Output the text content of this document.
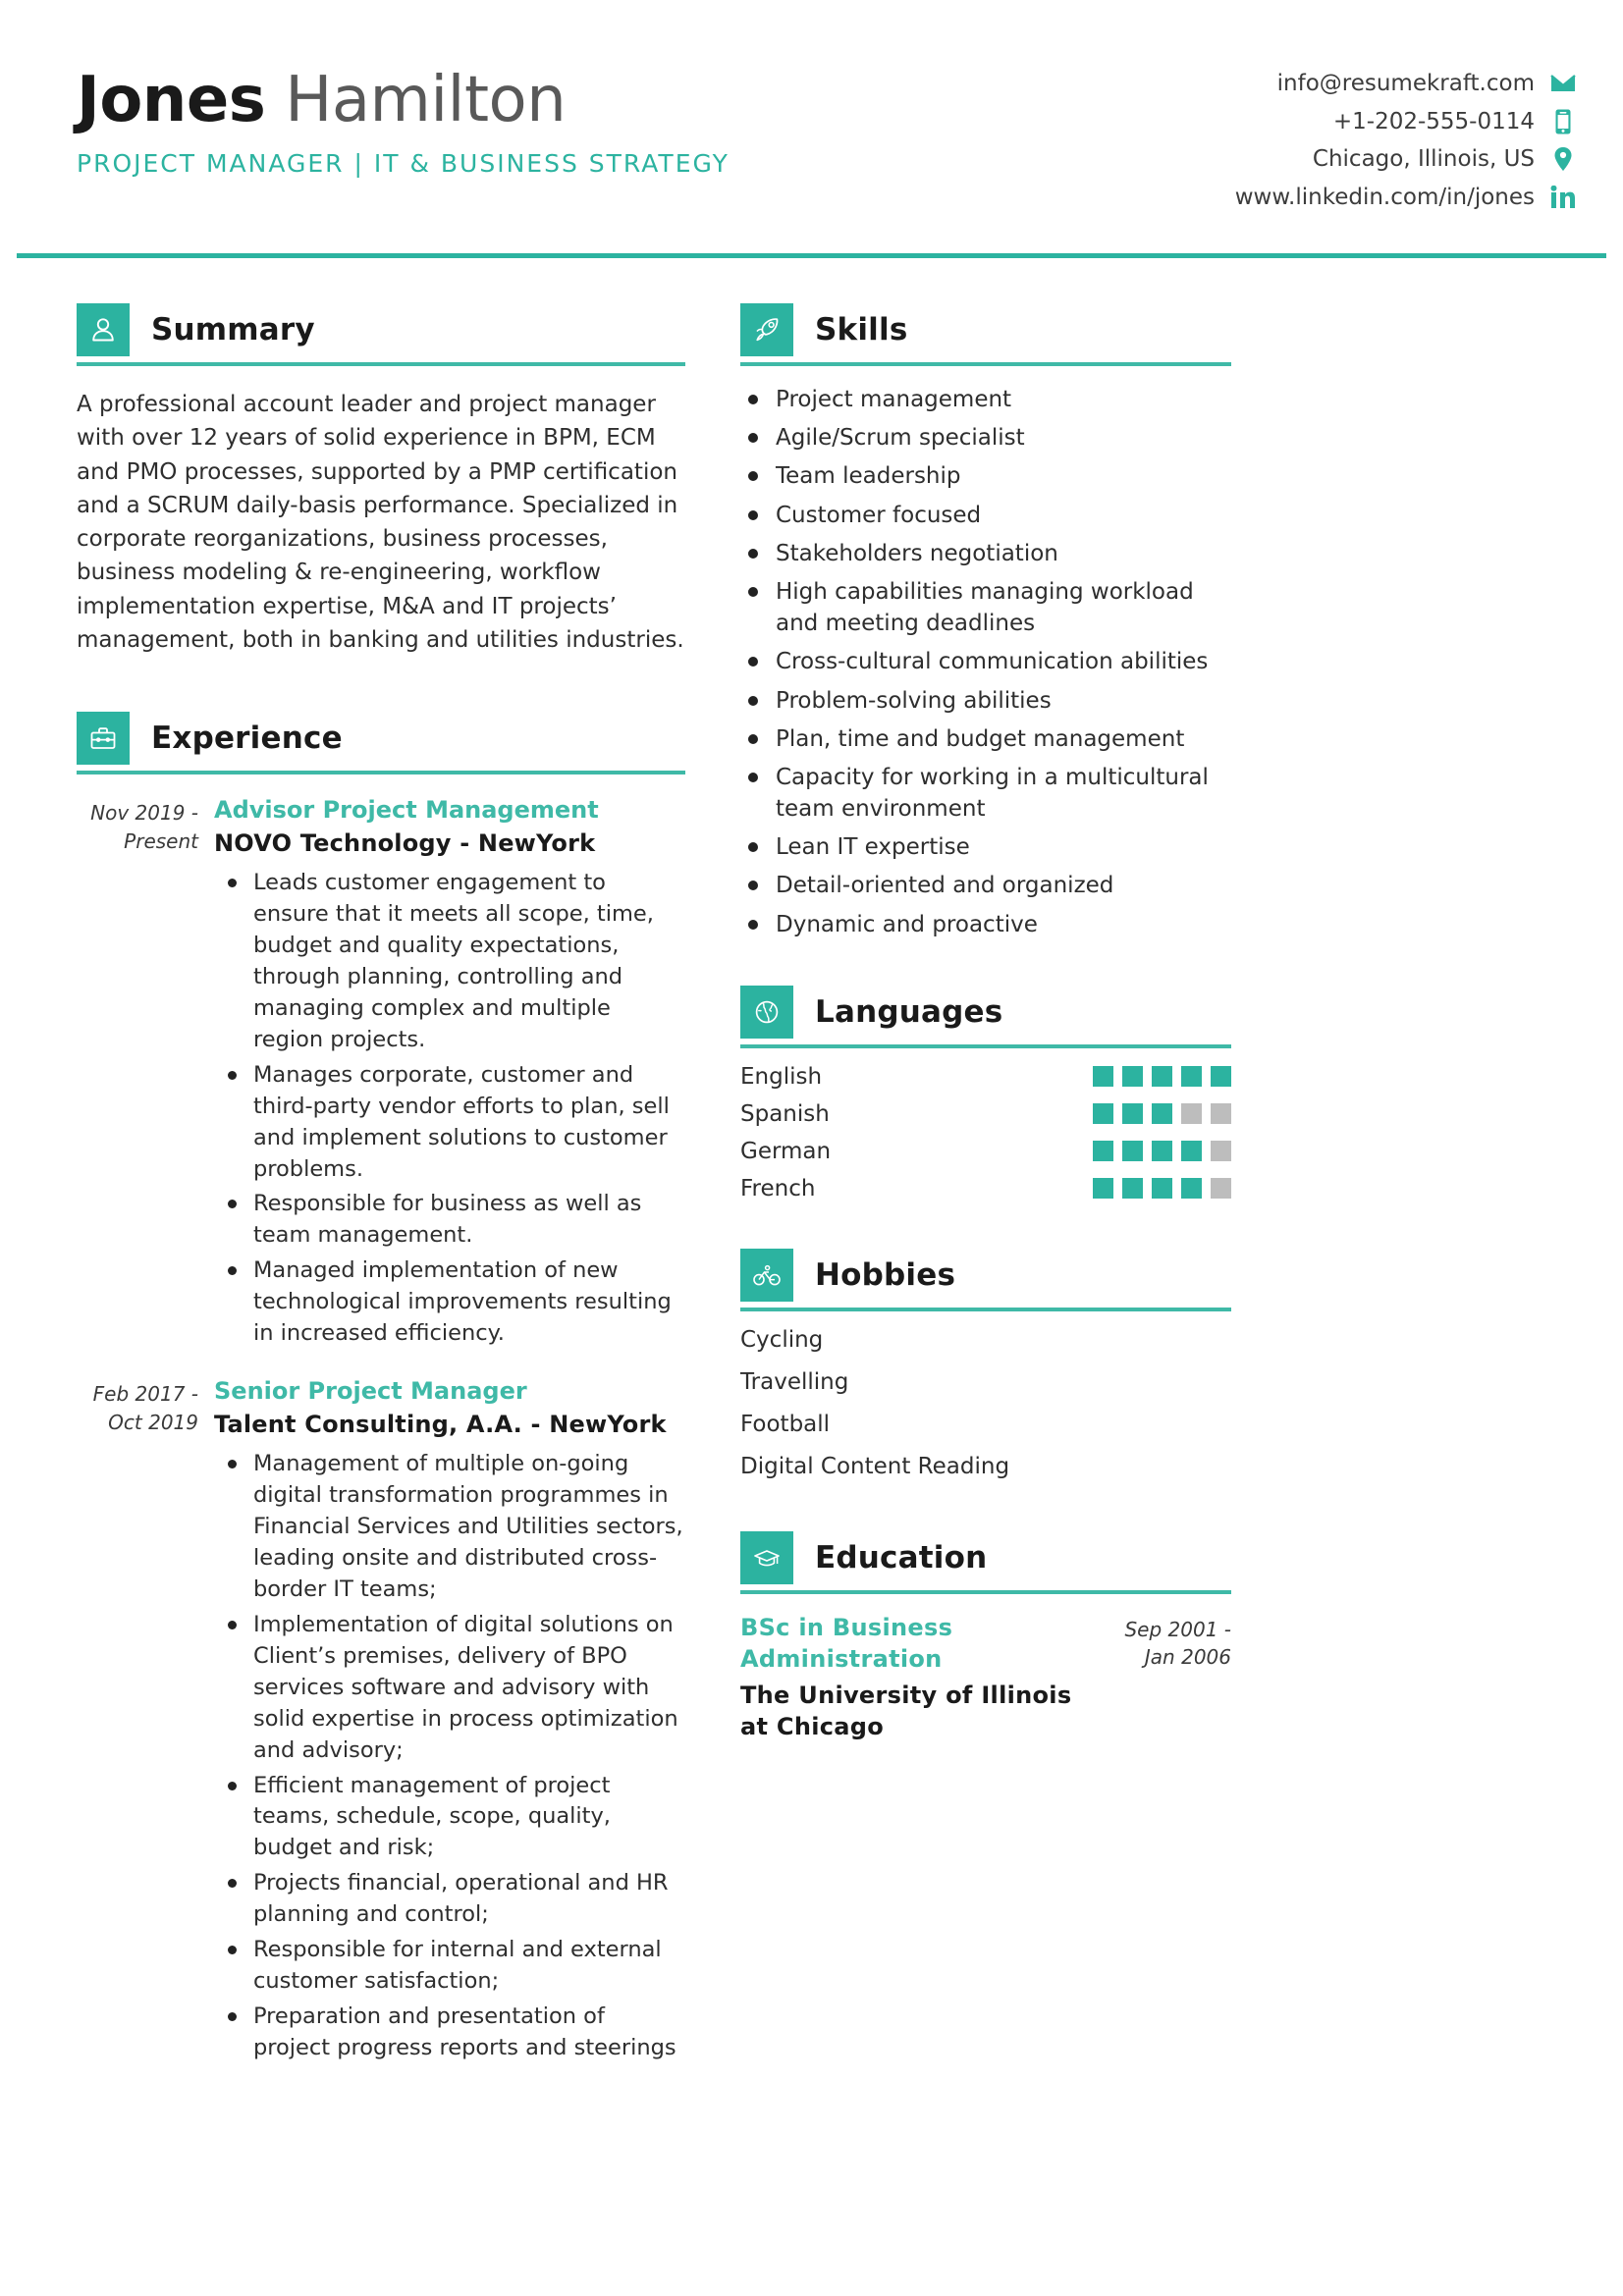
Jones Hamilton
PROJECT MANAGER | IT & BUSINESS STRATEGY
info@resumekraft.com
+1-202-555-0114
Chicago, Illinois, US
www.linkedin.com/in/jones
Summary

A professional account leader and project manager with over 12 years of solid experience in BPM, ECM and PMO processes, supported by a PMP certification and a SCRUM daily-basis performance. Specialized in corporate reorganizations, business processes, business modeling & re-engineering, workflow implementation expertise, M&A and IT projects’ management, both in banking and utilities industries.

Experience
Nov 2019 - Present
Advisor Project Management
NOVO Technology - NewYork
Leads customer engagement to ensure that it meets all scope, time, budget and quality expectations, through planning, controlling and managing complex and multiple region projects.
Manages corporate, customer and third-party vendor efforts to plan, sell and implement solutions to customer problems.
Responsible for business as well as team management.
Managed implementation of new technological improvements resulting in increased efficiency.
Feb 2017 - Oct 2019
Senior Project Manager
Talent Consulting, A.A. - NewYork
Management of multiple on-going digital transformation programmes in Financial Services and Utilities sectors, leading onsite and distributed cross-border IT teams;
Implementation of digital solutions on Client’s premises, delivery of BPO services software and advisory with solid expertise in process optimization and advisory;
Efficient management of project teams, schedule, scope, quality, budget and risk;
Projects financial, operational and HR planning and control;
Responsible for internal and external customer satisfaction;
Preparation and presentation of project progress reports and steerings
Skills
Project management
Agile/Scrum specialist
Team leadership
Customer focused
Stakeholders negotiation
High capabilities managing workload and meeting deadlines
Cross-cultural communication abilities
Problem-solving abilities
Plan, time and budget management
Capacity for working in a multicultural team environment
Lean IT expertise
Detail-oriented and organized
Dynamic and proactive
Languages
English
Spanish
German
French
Hobbies
Cycling
Travelling
Football
Digital Content Reading
Education
BSc in Business Administration
The University of Illinois at Chicago
Sep 2001 - Jan 2006
